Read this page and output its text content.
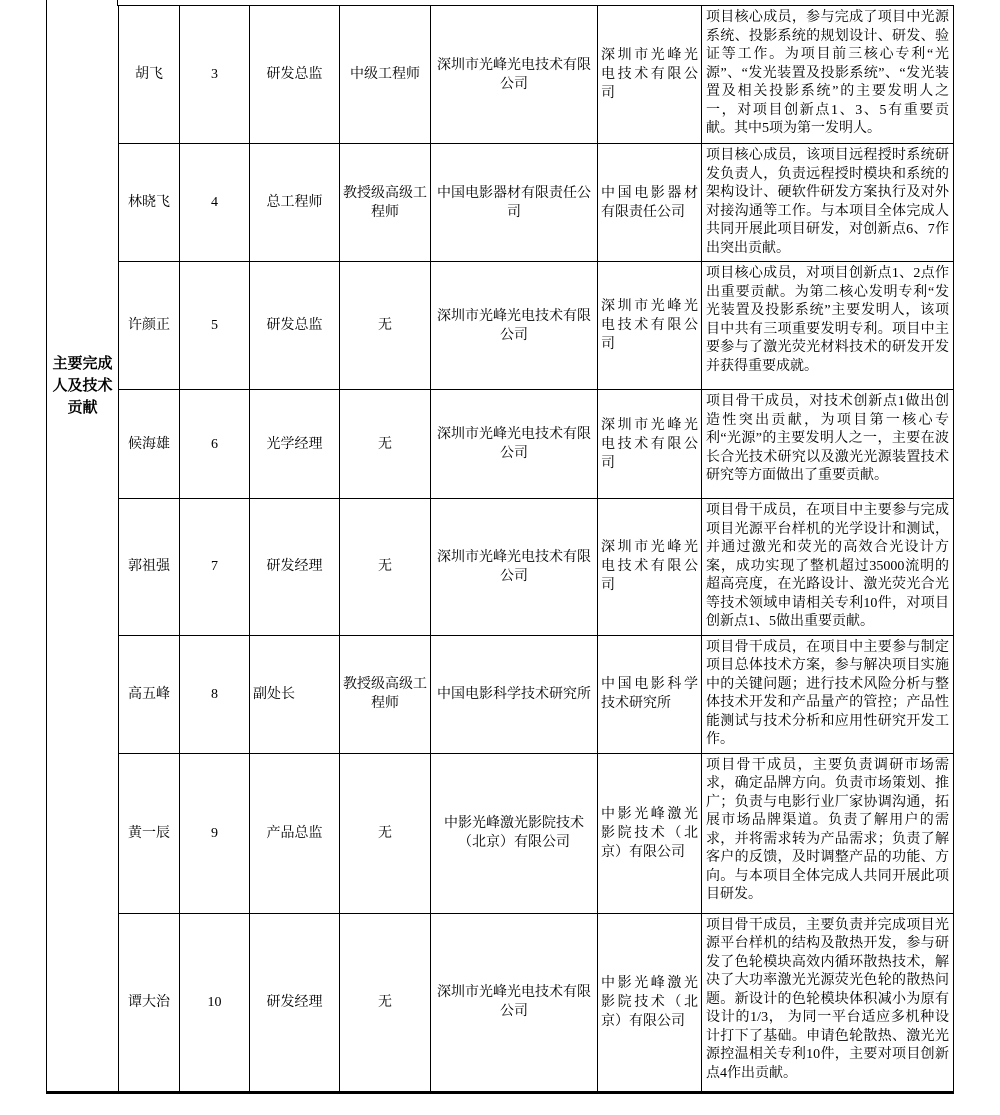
主要完成人及技术贡献	胡飞	3	研发总监	中级工程师	深圳市光峰光电技术有限公司	深圳市光峰光电技术有限公司	项目核心成员，参与完成了项目中光源系统、投影系统的规划设计、研发、验证等工作。为项目前三核心专利“光源”、“发光装置及投影系统”、“发光装置及相关投影系统”的主要发明人之一，对项目创新点1、3、5有重要贡献。其中5项为第一发明人。
	林晓飞	4	总工程师	教授级高级工程师	中国电影器材有限责任公司	中国电影器材有限责任公司	项目核心成员，该项目远程授时系统研发负责人，负责远程授时模块和系统的架构设计、硬软件研发方案执行及对外对接沟通等工作。与本项目全体完成人共同开展此项目研发，对创新点6、7作出突出贡献。
	许颜正	5	研发总监	无	深圳市光峰光电技术有限公司	深圳市光峰光电技术有限公司	项目核心成员，对项目创新点1、2点作出重要贡献。为第二核心发明专利“发光装置及投影系统”主要发明人，该项目中共有三项重要发明专利。项目中主要参与了激光荧光材料技术的研发开发并获得重要成就。
	候海雄	6	光学经理	无	深圳市光峰光电技术有限公司	深圳市光峰光电技术有限公司	项目骨干成员，对技术创新点1做出创造性突出贡献，为项目第一核心专利“光源”的主要发明人之一，主要在波长合光技术研究以及激光光源装置技术研究等方面做出了重要贡献。
	郭祖强	7	研发经理	无	深圳市光峰光电技术有限公司	深圳市光峰光电技术有限公司	项目骨干成员，在项目中主要参与完成项目光源平台样机的光学设计和测试，并通过激光和荧光的高效合光设计方案，成功实现了整机超过35000流明的超高亮度，在光路设计、激光荧光合光等技术领域申请相关专利10件，对项目创新点1、5做出重要贡献。
	高五峰	8	副处长	教授级高级工程师	中国电影科学技术研究所	中国电影科学技术研究所	项目骨干成员，在项目中主要参与制定项目总体技术方案，参与解决项目实施中的关键问题；进行技术风险分析与整体技术开发和产品量产的管控；产品性能测试与技术分析和应用性研究开发工作。
	黄一辰	9	产品总监	无	中影光峰激光影院技术（北京）有限公司	中影光峰激光影院技术（北京）有限公司	项目骨干成员，主要负责调研市场需求，确定品牌方向。负责市场策划、推广；负责与电影行业厂家协调沟通，拓展市场品牌渠道。负责了解用户的需求，并将需求转为产品需求；负责了解客户的反馈，及时调整产品的功能、方向。与本项目全体完成人共同开展此项目研发。
	谭大治	10	研发经理	无	深圳市光峰光电技术有限公司	中影光峰激光影院技术（北京）有限公司	项目骨干成员，主要负责并完成项目光源平台样机的结构及散热开发，参与研发了色轮模块高效内循环散热技术，解决了大功率激光光源荧光色轮的散热问题。新设计的色轮模块体积减小为原有设计的1/3， 为同一平台适应多机种设计打下了基础。申请色轮散热、激光光源控温相关专利10件，主要对项目创新点4作出贡献。
